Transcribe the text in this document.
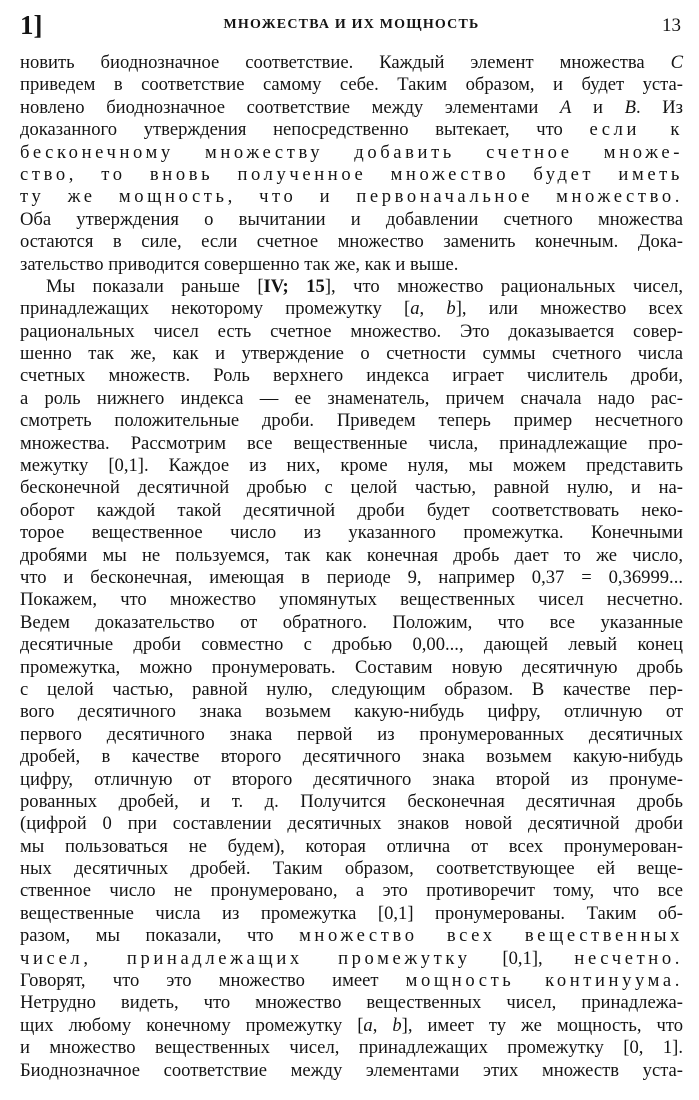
1]	МНОЖЕСТВА И ИХ МОЩНОСТЬ	13
новить биоднозначное соответствие. Каждый элемент множества C
приведем в соответствие самому себе. Таким образом, и будет уста-
новлено биоднозначное соответствие между элементами A и B. Из
доказанного утверждения непосредственно вытекает, что если к
бесконечному множеству добавить счетное множе-
ство, то вновь полученное множество будет иметь
ту же мощность, что и первоначальное множество.
Оба утверждения о вычитании и добавлении счетного множества
остаются в силе, если счетное множество заменить конечным. Дока-
зательство приводится совершенно так же, как и выше.
Мы показали раньше [IV; 15], что множество рациональных чисел,
принадлежащих некоторому промежутку [a, b], или множество всех
рациональных чисел есть счетное множество. Это доказывается совер-
шенно так же, как и утверждение о счетности суммы счетного числа
счетных множеств. Роль верхнего индекса играет числитель дроби,
а роль нижнего индекса — ее знаменатель, причем сначала надо рас-
смотреть положительные дроби. Приведем теперь пример несчетного
множества. Рассмотрим все вещественные числа, принадлежащие про-
межутку [0,1]. Каждое из них, кроме нуля, мы можем представить
бесконечной десятичной дробью с целой частью, равной нулю, и на-
оборот каждой такой десятичной дроби будет соответствовать неко-
торое вещественное число из указанного промежутка. Конечными
дробями мы не пользуемся, так как конечная дробь дает то же число,
что и бесконечная, имеющая в периоде 9, например 0,37 = 0,36999...
Покажем, что множество упомянутых вещественных чисел несчетно.
Ведем доказательство от обратного. Положим, что все указанные
десятичные дроби совместно с дробью 0,00..., дающей левый конец
промежутка, можно пронумеровать. Составим новую десятичную дробь
с целой частью, равной нулю, следующим образом. В качестве пер-
вого десятичного знака возьмем какую-нибудь цифру, отличную от
первого десятичного знака первой из пронумерованных десятичных
дробей, в качестве второго десятичного знака возьмем какую-нибудь
цифру, отличную от второго десятичного знака второй из пронуме-
рованных дробей, и т. д. Получится бесконечная десятичная дробь
(цифрой 0 при составлении десятичных знаков новой десятичной дроби
мы пользоваться не будем), которая отлична от всех пронумерован-
ных десятичных дробей. Таким образом, соответствующее ей веще-
ственное число не пронумеровано, а это противоречит тому, что все
вещественные числа из промежутка [0,1] пронумерованы. Таким об-
разом, мы показали, что множество всех вещественных
чисел, принадлежащих промежутку [0,1], несчетно.
Говорят, что это множество имеет мощность континуума.
Нетрудно видеть, что множество вещественных чисел, принадлежа-
щих любому конечному промежутку [a, b], имеет ту же мощность, что
и множество вещественных чисел, принадлежащих промежутку [0, 1].
Биоднозначное соответствие между элементами этих множеств уста-
